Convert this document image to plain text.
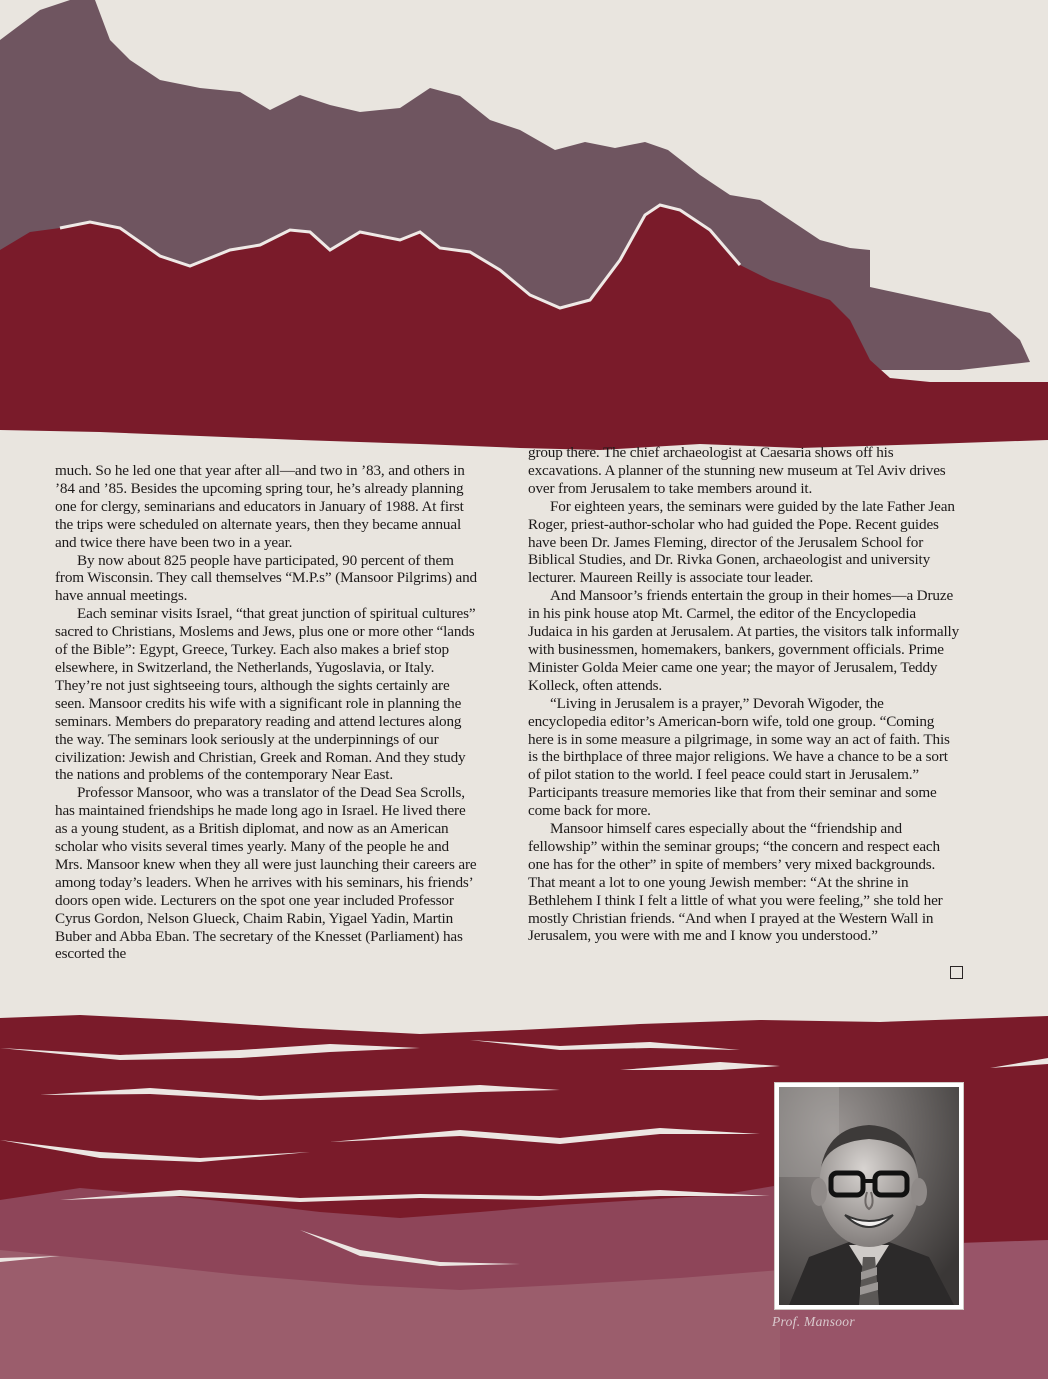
much. So he led one that year after all—and two in ’83, and others in ’84 and ’85. Besides the upcoming spring tour, he’s already planning one for clergy, seminarians and educators in January of 1988. At first the trips were scheduled on alternate years, then they became annual and twice there have been two in a year.

By now about 825 people have participated, 90 percent of them from Wisconsin. They call themselves “M.P.s” (Mansoor Pilgrims) and have annual meetings.

Each seminar visits Israel, “that great junction of spiritual cultures” sacred to Christians, Moslems and Jews, plus one or more other “lands of the Bible”: Egypt, Greece, Turkey. Each also makes a brief stop elsewhere, in Switzerland, the Netherlands, Yugoslavia, or Italy. They’re not just sightseeing tours, although the sights certainly are seen. Mansoor credits his wife with a significant role in planning the seminars. Members do preparatory reading and attend lectures along the way. The seminars look seriously at the underpinnings of our civilization: Jewish and Christian, Greek and Roman. And they study the nations and problems of the contemporary Near East.

Professor Mansoor, who was a translator of the Dead Sea Scrolls, has maintained friendships he made long ago in Israel. He lived there as a young student, as a British diplomat, and now as an American scholar who visits several times yearly. Many of the people he and Mrs. Mansoor knew when they all were just launching their careers are among today’s leaders. When he arrives with his seminars, his friends’ doors open wide. Lecturers on the spot one year included Professor Cyrus Gordon, Nelson Glueck, Chaim Rabin, Yigael Yadin, Martin Buber and Abba Eban. The secretary of the Knesset (Parliament) has escorted the

group there. The chief archaeologist at Caesaria shows off his excavations. A planner of the stunning new museum at Tel Aviv drives over from Jerusalem to take members around it.

For eighteen years, the seminars were guided by the late Father Jean Roger, priest-author-scholar who had guided the Pope. Recent guides have been Dr. James Fleming, director of the Jerusalem School for Biblical Studies, and Dr. Rivka Gonen, archaeologist and university lecturer. Maureen Reilly is associate tour leader.

And Mansoor’s friends entertain the group in their homes—a Druze in his pink house atop Mt. Carmel, the editor of the Encyclopedia Judaica in his garden at Jerusalem. At parties, the visitors talk informally with businessmen, homemakers, bankers, government officials. Prime Minister Golda Meier came one year; the mayor of Jerusalem, Teddy Kolleck, often attends.

“Living in Jerusalem is a prayer,” Devorah Wigoder, the encyclopedia editor’s American-born wife, told one group. “Coming here is in some measure a pilgrimage, in some way an act of faith. This is the birthplace of three major religions. We have a chance to be a sort of pilot station to the world. I feel peace could start in Jerusalem.” Participants treasure memories like that from their seminar and some come back for more.

Mansoor himself cares especially about the “friendship and fellowship” within the seminar groups; “the concern and respect each one has for the other” in spite of members’ very mixed backgrounds. That meant a lot to one young Jewish member: “At the shrine in Bethlehem I think I felt a little of what you were feeling,” she told her mostly Christian friends. “And when I prayed at the Western Wall in Jerusalem, you were with me and I know you understood.”

Prof. Mansoor
